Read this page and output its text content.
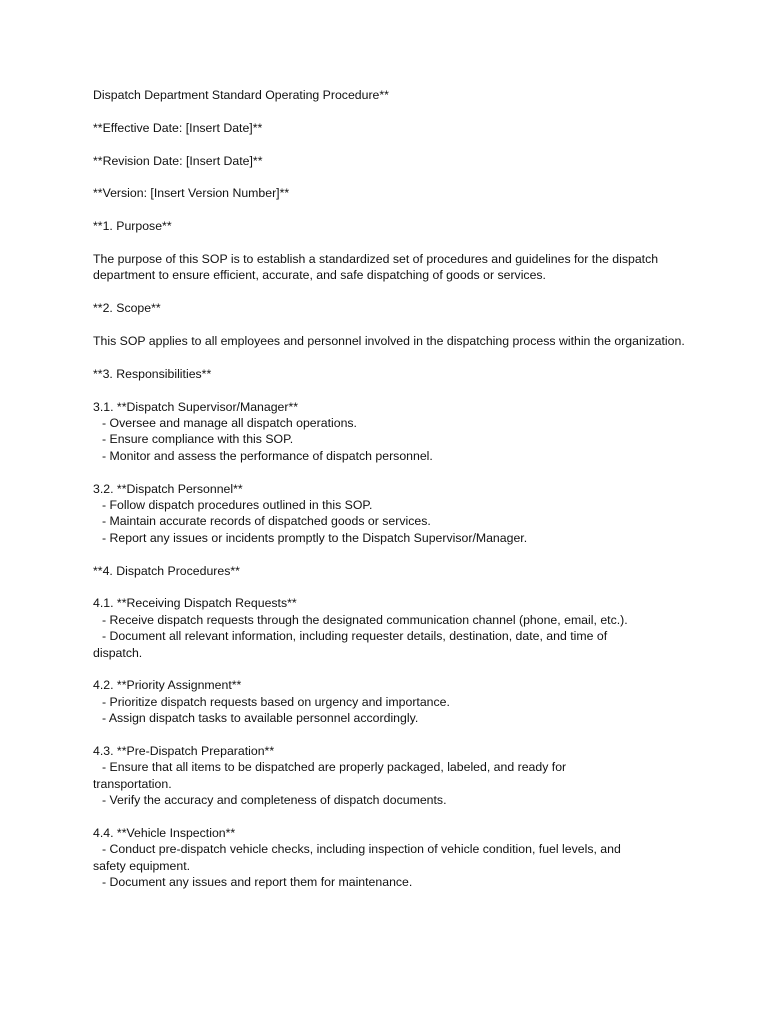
Dispatch Department Standard Operating Procedure**

**Effective Date: [Insert Date]**

**Revision Date: [Insert Date]**

**Version: [Insert Version Number]**

**1. Purpose**

The purpose of this SOP is to establish a standardized set of procedures and guidelines for the dispatch department to ensure efficient, accurate, and safe dispatching of goods or services.

**2. Scope**

This SOP applies to all employees and personnel involved in the dispatching process within the organization.

**3. Responsibilities**

3.1. **Dispatch Supervisor/Manager**
- Oversee and manage all dispatch operations.
- Ensure compliance with this SOP.
- Monitor and assess the performance of dispatch personnel.
3.2. **Dispatch Personnel**
- Follow dispatch procedures outlined in this SOP.
- Maintain accurate records of dispatched goods or services.
- Report any issues or incidents promptly to the Dispatch Supervisor/Manager.

**4. Dispatch Procedures**

4.1. **Receiving Dispatch Requests**
- Receive dispatch requests through the designated communication channel (phone, email, etc.).
- Document all relevant information, including requester details, destination, date, and time of
dispatch.
4.2. **Priority Assignment**
- Prioritize dispatch requests based on urgency and importance.
- Assign dispatch tasks to available personnel accordingly.
4.3. **Pre-Dispatch Preparation**
- Ensure that all items to be dispatched are properly packaged, labeled, and ready for
transportation.
- Verify the accuracy and completeness of dispatch documents.
4.4. **Vehicle Inspection**
- Conduct pre-dispatch vehicle checks, including inspection of vehicle condition, fuel levels, and
safety equipment.
- Document any issues and report them for maintenance.
